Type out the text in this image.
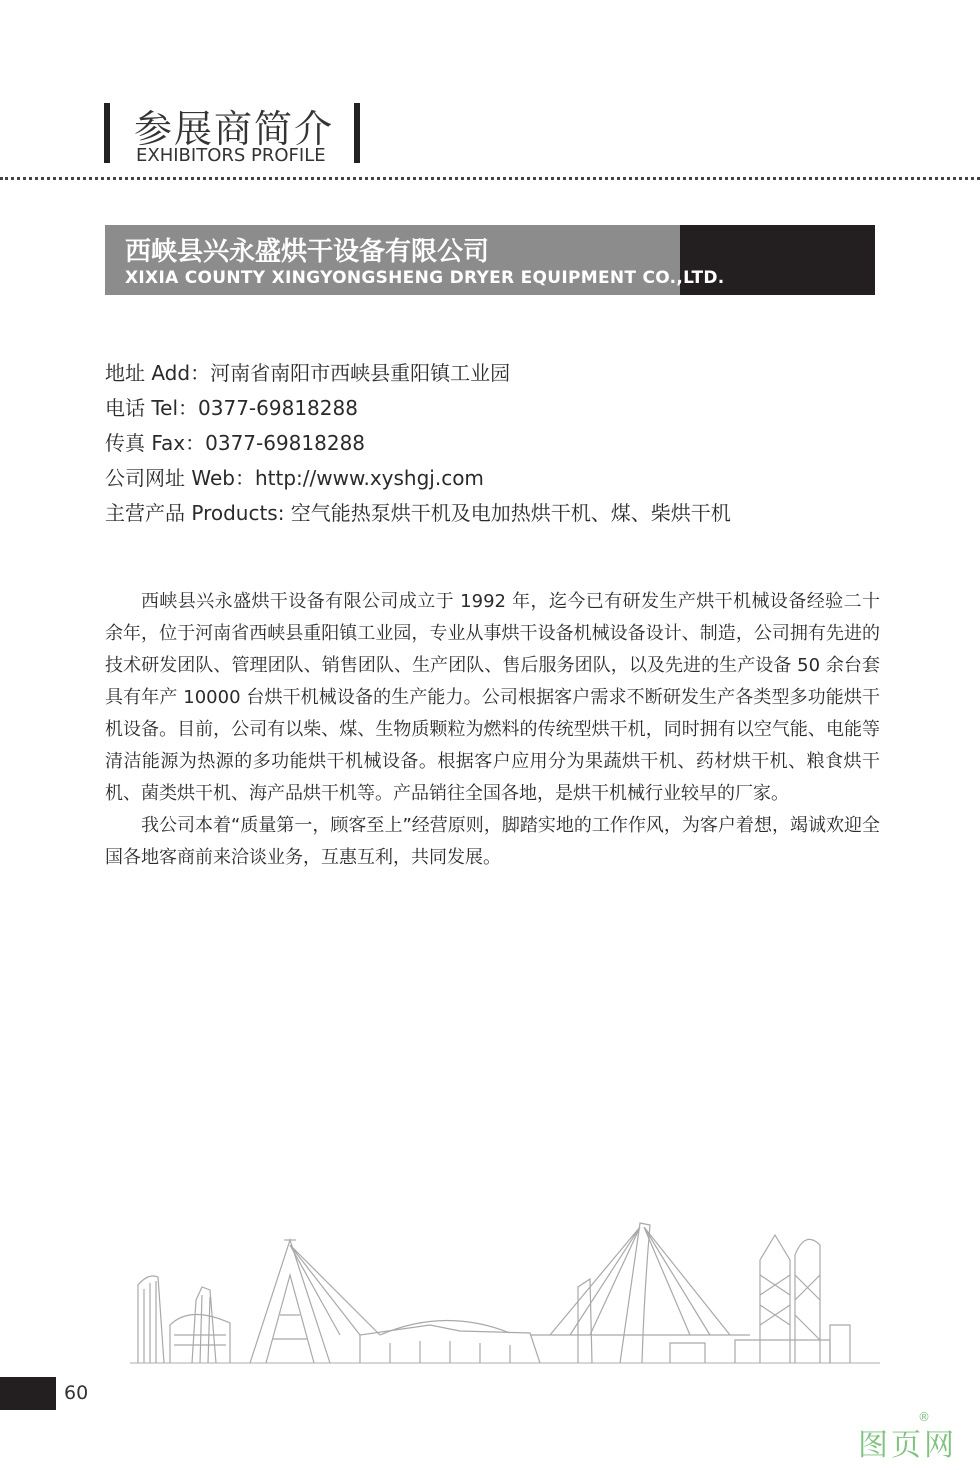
参展商简介
EXHIBITORS PROFILE
西峡县兴永盛烘干设备有限公司
XIXIA COUNTY XINGYONGSHENG DRYER EQUIPMENT CO.,LTD.
地址 Add：河南省南阳市西峡县重阳镇工业园
电话 Tel：0377-69818288
传真 Fax：0377-69818288
公司网址 Web：http://www.xyshgj.com
主营产品 Products: 空气能热泵烘干机及电加热烘干机、煤、柴烘干机

西峡县兴永盛烘干设备有限公司成立于 1992 年，迄今已有研发生产烘干机械设备经验二十余年，位于河南省西峡县重阳镇工业园，专业从事烘干设备机械设备设计、制造，公司拥有先进的技术研发团队、管理团队、销售团队、生产团队、售后服务团队，以及先进的生产设备 50 余台套具有年产 10000 台烘干机械设备的生产能力。公司根据客户需求不断研发生产各类型多功能烘干机设备。目前，公司有以柴、煤、生物质颗粒为燃料的传统型烘干机，同时拥有以空气能、电能等清洁能源为热源的多功能烘干机械设备。根据客户应用分为果蔬烘干机、药材烘干机、粮食烘干机、菌类烘干机、海产品烘干机等。产品销往全国各地，是烘干机械行业较早的厂家。

我公司本着“质量第一，顾客至上”经营原则，脚踏实地的工作作风，为客户着想，竭诚欢迎全国各地客商前来洽谈业务，互惠互利，共同发展。

60
图页网
®
